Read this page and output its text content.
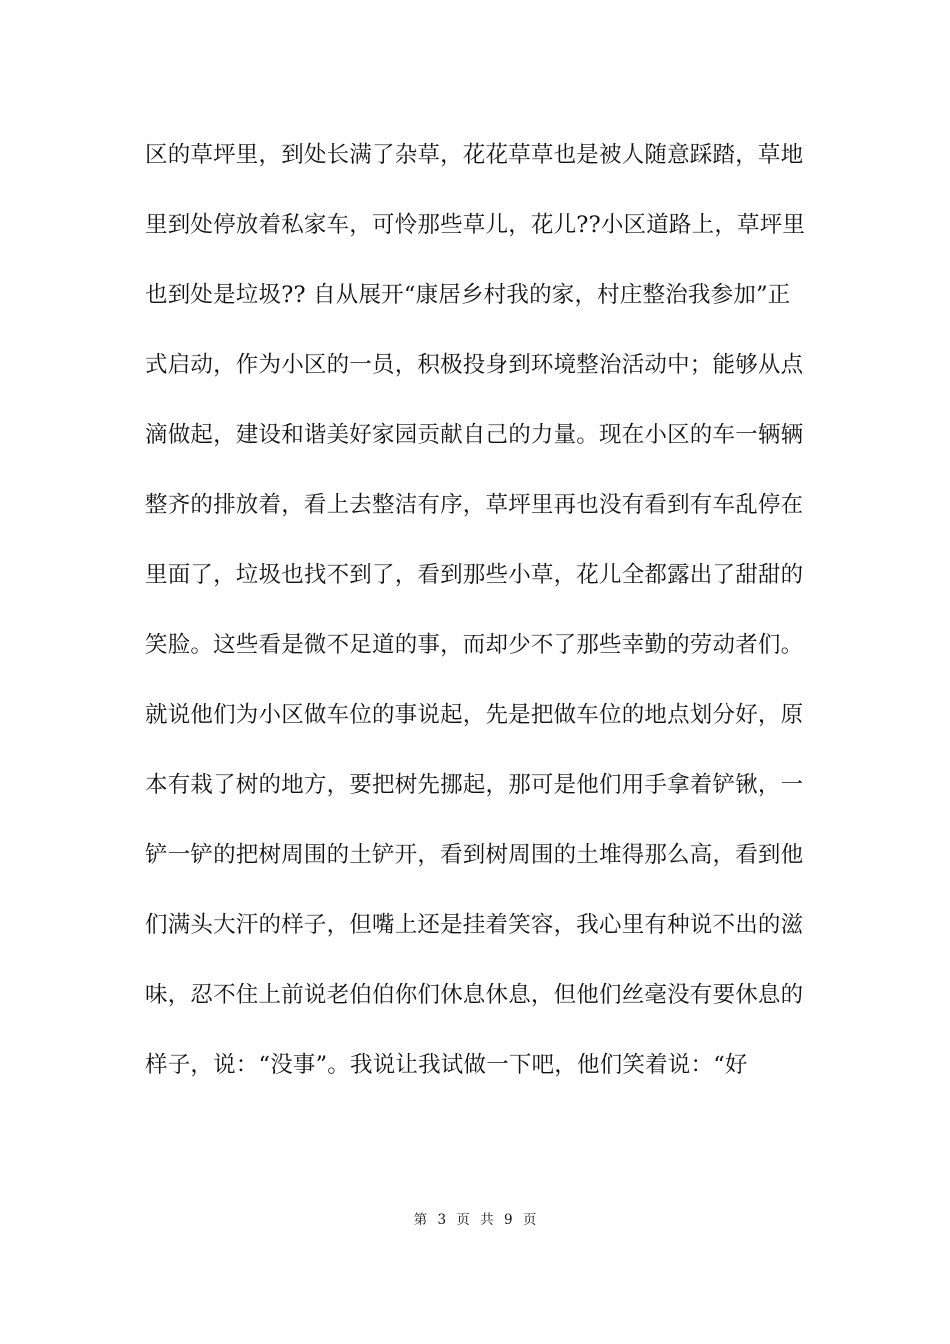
区的草坪里，到处长满了杂草，花花草草也是被人随意踩踏，草地
里到处停放着私家车，可怜那些草儿，花儿??小区道路上，草坪里
也到处是垃圾?? 自从展开“康居乡村我的家，村庄整治我参加”正
式启动，作为小区的一员，积极投身到环境整治活动中；能够从点
滴做起，建设和谐美好家园贡献自己的力量。现在小区的车一辆辆
整齐的排放着，看上去整洁有序，草坪里再也没有看到有车乱停在
里面了，垃圾也找不到了，看到那些小草，花儿全都露出了甜甜的
笑脸。这些看是微不足道的事，而却少不了那些幸勤的劳动者们。
就说他们为小区做车位的事说起，先是把做车位的地点划分好，原
本有栽了树的地方，要把树先挪起，那可是他们用手拿着铲锹，一
铲一铲的把树周围的土铲开，看到树周围的土堆得那么高，看到他
们满头大汗的样子，但嘴上还是挂着笑容，我心里有种说不出的滋
味，忍不住上前说老伯伯你们休息休息，但他们丝毫没有要休息的
样子，说：“没事”。我说让我试做一下吧，他们笑着说：“好
第 3 页 共 9 页
